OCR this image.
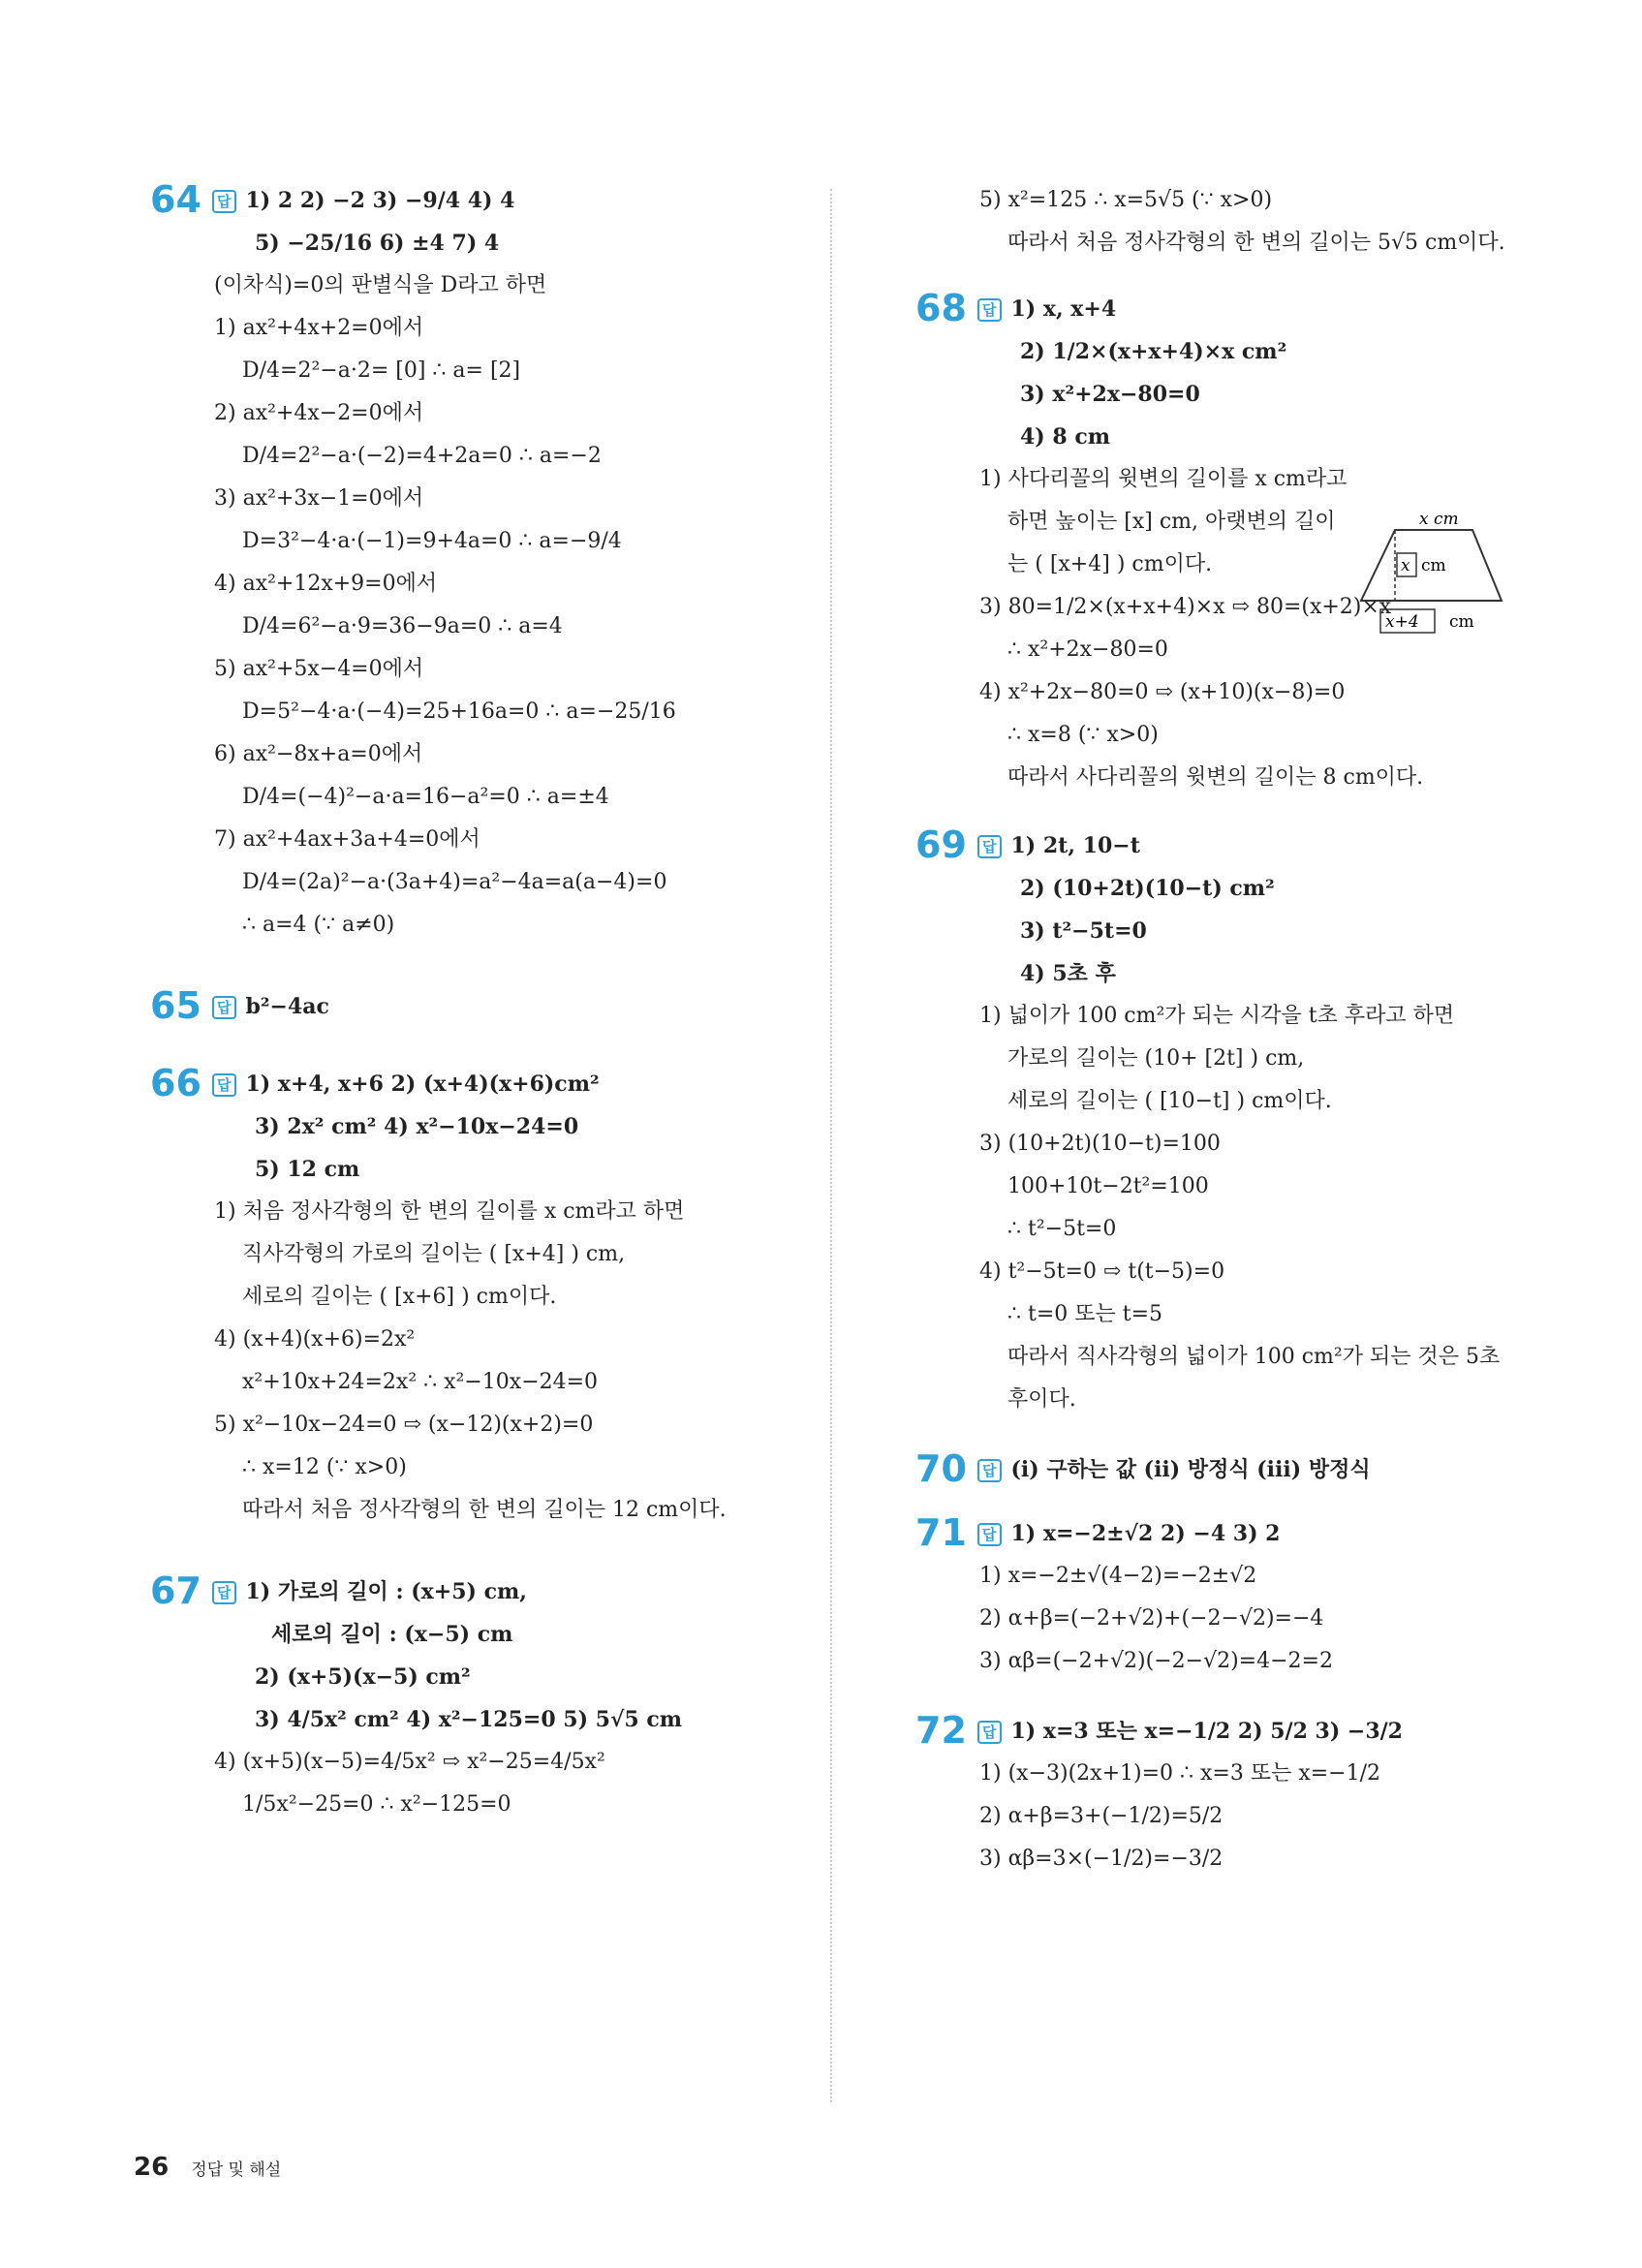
64	답 1) 2 2) −2 3) −9/4 4) 4
5) −25/16 6) ±4 7) 4
(이차식)=0의 판별식을 D라고 하면
1) ax²+4x+2=0에서
D/4=2²−a·2= [0] ∴ a= [2]
2) ax²+4x−2=0에서
D/4=2²−a·(−2)=4+2a=0 ∴ a=−2
3) ax²+3x−1=0에서
D=3²−4·a·(−1)=9+4a=0 ∴ a=−9/4
4) ax²+12x+9=0에서
D/4=6²−a·9=36−9a=0 ∴ a=4
5) ax²+5x−4=0에서
D=5²−4·a·(−4)=25+16a=0 ∴ a=−25/16
6) ax²−8x+a=0에서
D/4=(−4)²−a·a=16−a²=0 ∴ a=±4
7) ax²+4ax+3a+4=0에서
D/4=(2a)²−a·(3a+4)=a²−4a=a(a−4)=0
∴ a=4 (∵ a≠0)
65	답 b²−4ac
66	답 1) x+4, x+6 2) (x+4)(x+6)cm²
3) 2x² cm² 4) x²−10x−24=0
5) 12 cm
1) 처음 정사각형의 한 변의 길이를 x cm라고 하면
직사각형의 가로의 길이는 ( [x+4] ) cm,
세로의 길이는 ( [x+6] ) cm이다.
4) (x+4)(x+6)=2x²
x²+10x+24=2x² ∴ x²−10x−24=0
5) x²−10x−24=0 ⇨ (x−12)(x+2)=0
∴ x=12 (∵ x>0)
따라서 처음 정사각형의 한 변의 길이는 12 cm이다.
67	답 1) 가로의 길이 : (x+5) cm,
세로의 길이 : (x−5) cm
2) (x+5)(x−5) cm²
3) 4/5x² cm² 4) x²−125=0 5) 5√5 cm
4) (x+5)(x−5)=4/5x² ⇨ x²−25=4/5x²
1/5x²−25=0 ∴ x²−125=0
5) x²=125 ∴ x=5√5 (∵ x>0)
따라서 처음 정사각형의 한 변의 길이는 5√5 cm이다.
68	답 1) x, x+4
2) 1/2×(x+x+4)×x cm²
3) x²+2x−80=0
4) 8 cm
1) 사다리꼴의 윗변의 길이를 x cm라고
하면 높이는 [x] cm, 아랫변의 길이
는 ( [x+4] ) cm이다.
3) 80=1/2×(x+x+4)×x ⇨ 80=(x+2)×x
∴ x²+2x−80=0
4) x²+2x−80=0 ⇨ (x+10)(x−8)=0
∴ x=8 (∵ x>0)
따라서 사다리꼴의 윗변의 길이는 8 cm이다.
69	답 1) 2t, 10−t
2) (10+2t)(10−t) cm²
3) t²−5t=0
4) 5초 후
1) 넓이가 100 cm²가 되는 시각을 t초 후라고 하면
가로의 길이는 (10+ [2t] ) cm,
세로의 길이는 ( [10−t] ) cm이다.
3) (10+2t)(10−t)=100
100+10t−2t²=100
∴ t²−5t=0
4) t²−5t=0 ⇨ t(t−5)=0
∴ t=0 또는 t=5
따라서 직사각형의 넓이가 100 cm²가 되는 것은 5초
후이다.
70	답 (i) 구하는 값 (ii) 방정식 (iii) 방정식
71	답 1) x=−2±√2 2) −4 3) 2
1) x=−2±√(4−2)=−2±√2
2) α+β=(−2+√2)+(−2−√2)=−4
3) αβ=(−2+√2)(−2−√2)=4−2=2
72	답 1) x=3 또는 x=−1/2 2) 5/2 3) −3/2
1) (x−3)(2x+1)=0 ∴ x=3 또는 x=−1/2
2) α+β=3+(−1/2)=5/2
3) αβ=3×(−1/2)=−3/2
x cm
x cm
x+4 cm
26 정답 및 해설
